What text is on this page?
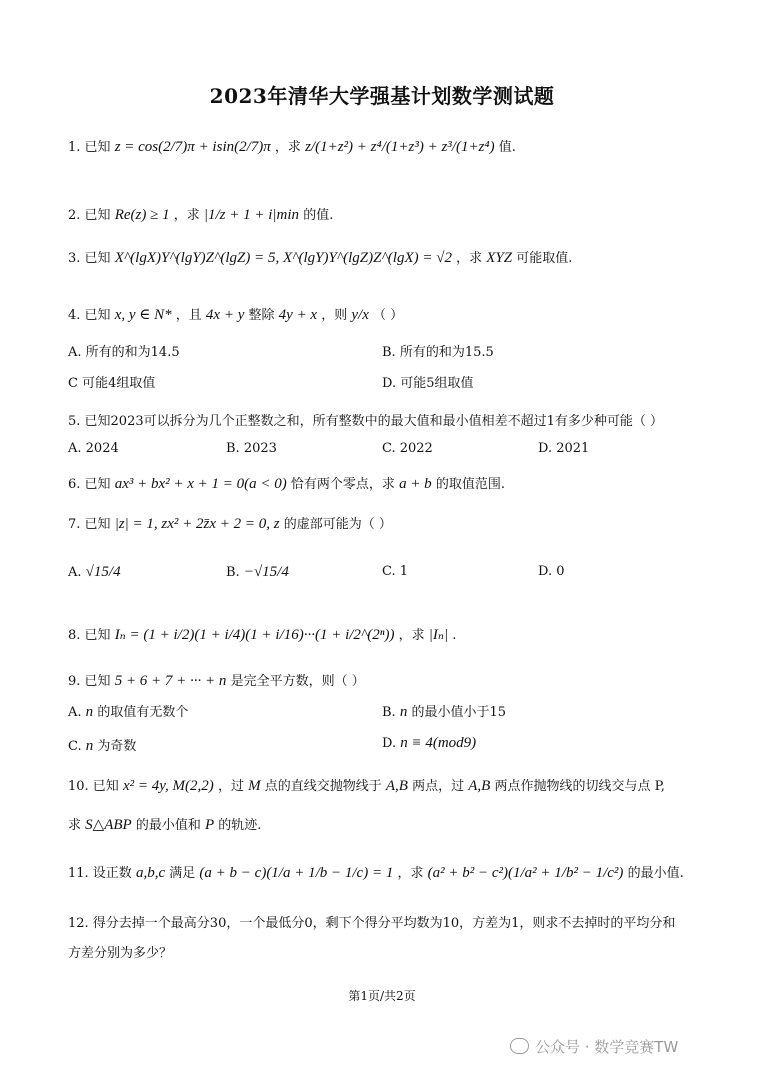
2023年清华大学强基计划数学测试题
1. 已知 z = cos(2/7)π + isin(2/7)π ，求 z/(1+z²) + z⁴/(1+z³) + z³/(1+z⁴) 值.
2. 已知 Re(z) ≥ 1 ，求 |1/z + 1 + i|min 的值.
3. 已知 X^(lgX)Y^(lgY)Z^(lgZ) = 5, X^(lgY)Y^(lgZ)Z^(lgX) = √2 ，求 XYZ 可能取值.
4. 已知 x, y ∈ N* ，且 4x + y 整除 4y + x ，则 y/x （ ）
A. 所有的和为14.5	B. 所有的和为15.5
C 可能4组取值	D. 可能5组取值
5. 已知2023可以拆分为几个正整数之和，所有整数中的最大值和最小值相差不超过1有多少种可能（ ）
A. 2024	B. 2023	C. 2022	D. 2021
6. 已知 ax³ + bx² + x + 1 = 0(a < 0) 恰有两个零点，求 a + b 的取值范围.
7. 已知 |z| = 1, zx² + 2z̄x + 2 = 0, z 的虚部可能为（ ）
A. √15/4	B. −√15/4	C. 1	D. 0
8. 已知 Iₙ = (1 + i/2)(1 + i/4)(1 + i/16)···(1 + i/2^(2ⁿ)) ，求 |Iₙ| .
9. 已知 5 + 6 + 7 + ··· + n 是完全平方数，则（ ）
A. n 的取值有无数个	B. n 的最小值小于15
C. n 为奇数	D. n ≡ 4(mod9)
10. 已知 x² = 4y, M(2,2) ，过 M 点的直线交抛物线于 A,B 两点，过 A,B 两点作抛物线的切线交与点 P,
求 S△ABP 的最小值和 P 的轨迹.
11. 设正数 a,b,c 满足 (a + b − c)(1/a + 1/b − 1/c) = 1 ，求 (a² + b² − c²)(1/a² + 1/b² − 1/c²) 的最小值.
12. 得分去掉一个最高分30，一个最低分0，剩下个得分平均数为10，方差为1，则求不去掉时的平均分和
方差分别为多少？
第1页/共2页
公众号 · 数学竞赛TW
